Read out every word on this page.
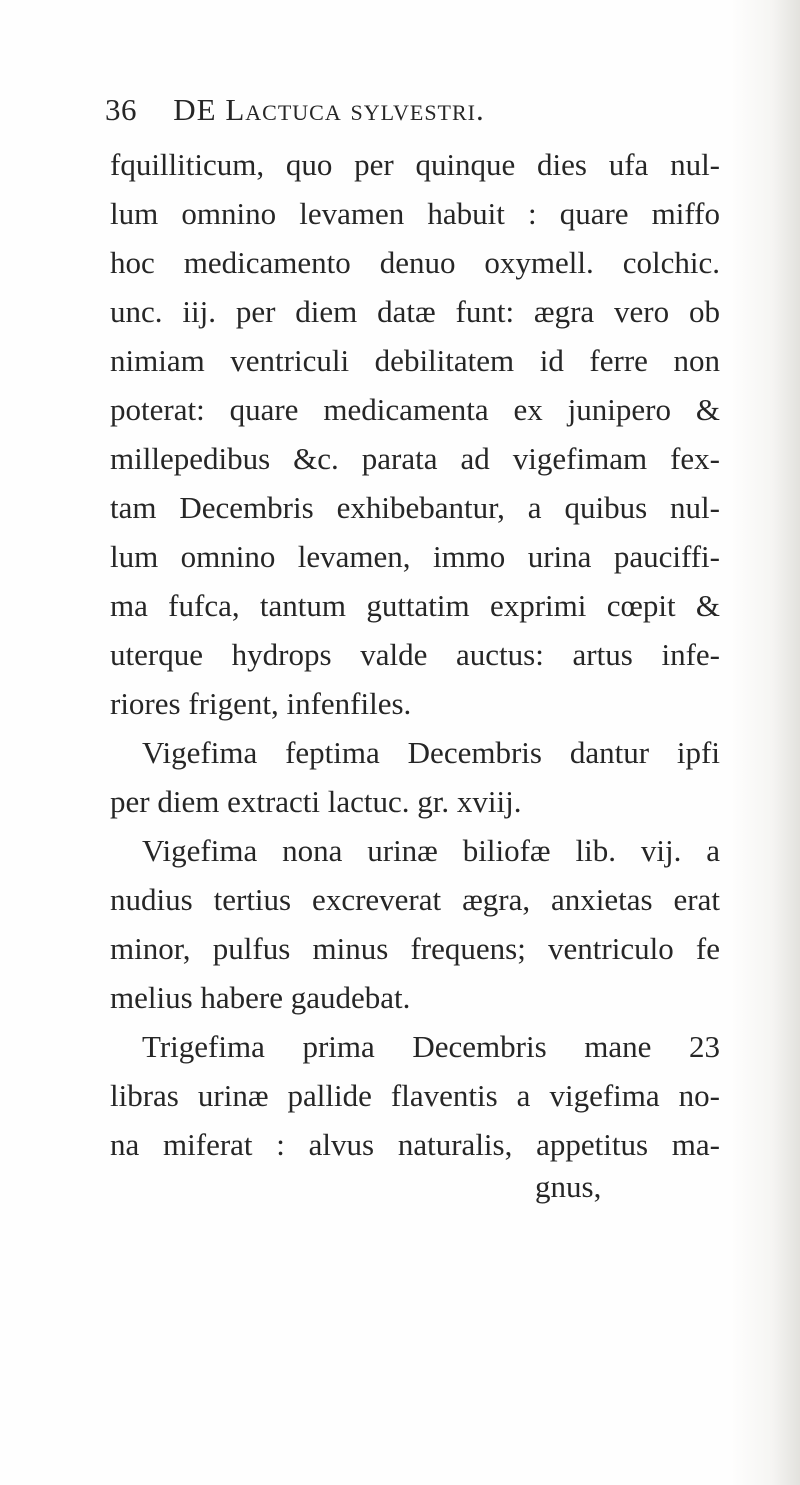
36 DE Lactuca sylvestri.
fquilliticum, quo per quinque dies ufa nul-
lum omnino levamen habuit : quare miffo
hoc medicamento denuo oxymell. colchic.
unc. iij. per diem datæ funt: ægra vero ob
nimiam ventriculi debilitatem id ferre non
poterat: quare medicamenta ex junipero &
millepedibus &c. parata ad vigefimam fex-
tam Decembris exhibebantur, a quibus nul-
lum omnino levamen, immo urina pauciffi-
ma fufca, tantum guttatim exprimi cœpit &
uterque hydrops valde auctus: artus infe-
riores frigent, infenfiles.
Vigefima feptima Decembris dantur ipfi
per diem extracti lactuc. gr. xviij.
Vigefima nona urinæ biliofæ lib. vij. a
nudius tertius excreverat ægra, anxietas erat
minor, pulfus minus frequens; ventriculo fe
melius habere gaudebat.
Trigefima prima Decembris mane 23
libras urinæ pallide flaventis a vigefima no-
na miferat : alvus naturalis, appetitus ma-
gnus,
